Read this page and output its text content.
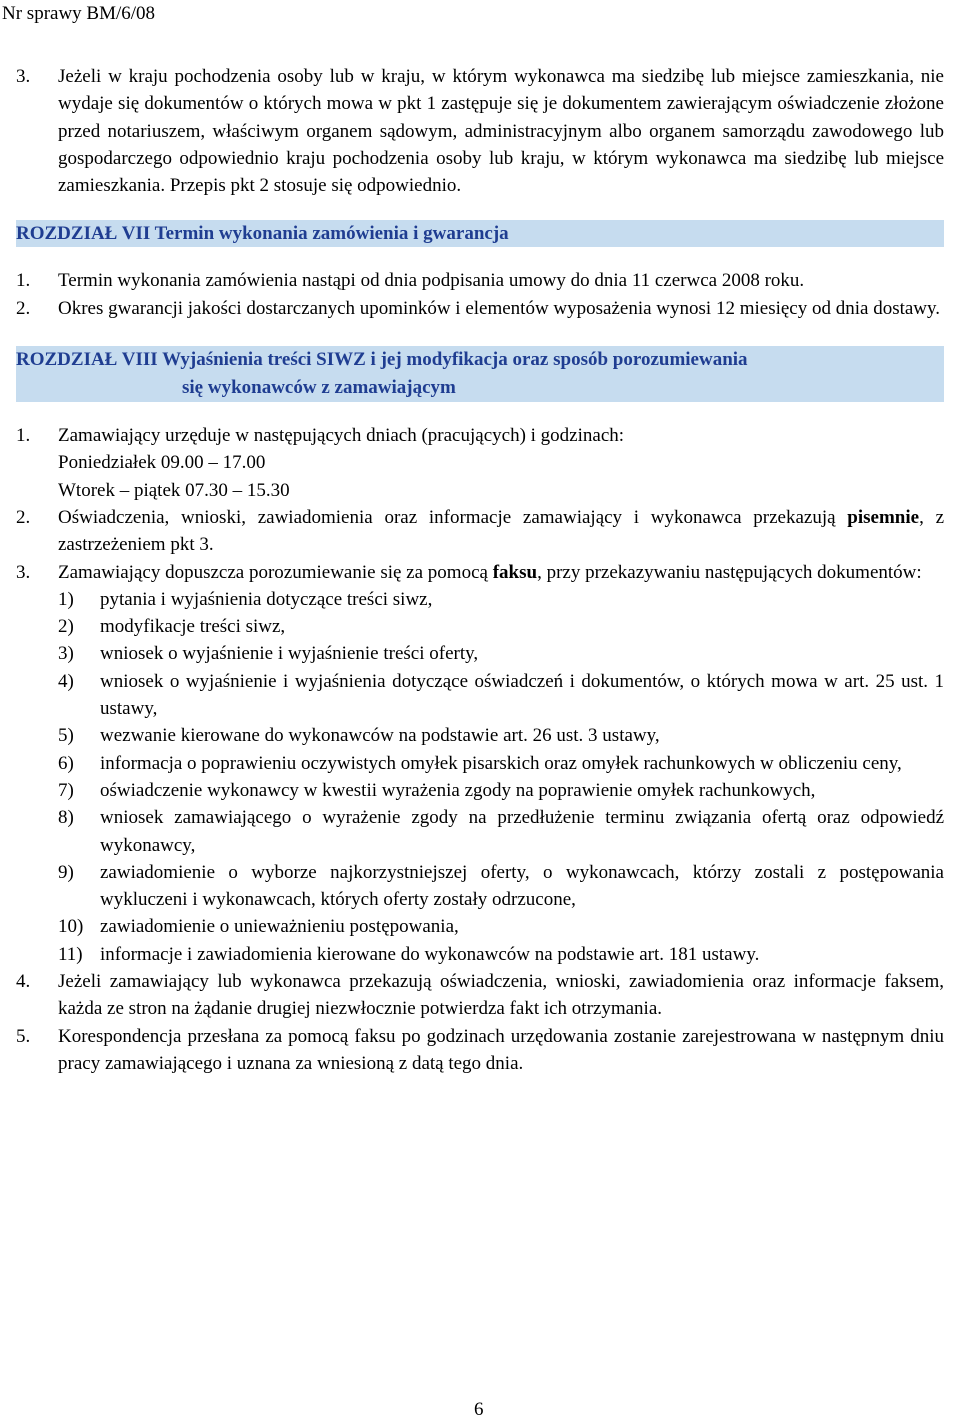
Nr sprawy BM/6/08
3.	Jeżeli w kraju pochodzenia osoby lub w kraju, w którym wykonawca ma siedzibę lub miejsce zamieszkania, nie wydaje się dokumentów o których mowa w pkt 1 zastępuje się je dokumentem zawierającym oświadczenie złożone przed notariuszem, właściwym organem sądowym, administracyjnym albo organem samorządu zawodowego lub gospodarczego odpowiednio kraju pochodzenia osoby lub kraju, w którym wykonawca ma siedzibę lub miejsce zamieszkania. Przepis pkt 2 stosuje się odpowiednio.
ROZDZIAŁ VII Termin wykonania zamówienia i gwarancja
1.	Termin wykonania zamówienia nastąpi od dnia podpisania umowy do dnia 11 czerwca 2008 roku.
2.	Okres gwarancji jakości dostarczanych upominków i elementów wyposażenia wynosi 12 miesięcy od dnia dostawy.
ROZDZIAŁ VIII Wyjaśnienia treści SIWZ i jej modyfikacja oraz sposób porozumiewania
się wykonawców z zamawiającym
1.	Zamawiający urzęduje w następujących dniach (pracujących) i godzinach:
Poniedziałek 09.00 – 17.00
Wtorek – piątek 07.30 – 15.30
2.	Oświadczenia, wnioski, zawiadomienia oraz informacje zamawiający i wykonawca przekazują pisemnie, z zastrzeżeniem pkt 3.
3.	Zamawiający dopuszcza porozumiewanie się za pomocą faksu, przy przekazywaniu następujących dokumentów:
1)	pytania i wyjaśnienia dotyczące treści siwz,
2)	modyfikacje treści siwz,
3)	wniosek o wyjaśnienie i wyjaśnienie treści oferty,
4)	wniosek o wyjaśnienie i wyjaśnienia dotyczące oświadczeń i dokumentów, o których mowa w art. 25 ust. 1 ustawy,
5)	wezwanie kierowane do wykonawców na podstawie art. 26 ust. 3 ustawy,
6)	informacja o poprawieniu oczywistych omyłek pisarskich oraz omyłek rachunkowych w obliczeniu ceny,
7)	oświadczenie wykonawcy w kwestii wyrażenia zgody na poprawienie omyłek rachunkowych,
8)	wniosek zamawiającego o wyrażenie zgody na przedłużenie terminu związania ofertą oraz odpowiedź wykonawcy,
9)	zawiadomienie o wyborze najkorzystniejszej oferty, o wykonawcach, którzy zostali z postępowania wykluczeni i wykonawcach, których oferty zostały odrzucone,
10) zawiadomienie o unieważnieniu postępowania,
11) informacje i zawiadomienia kierowane do wykonawców na podstawie art. 181 ustawy.
4.	Jeżeli zamawiający lub wykonawca przekazują oświadczenia, wnioski, zawiadomienia oraz informacje faksem, każda ze stron na żądanie drugiej niezwłocznie potwierdza fakt ich otrzymania.
5.	Korespondencja przesłana za pomocą faksu po godzinach urzędowania zostanie zarejestrowana w następnym dniu pracy zamawiającego i uznana za wniesioną z datą tego dnia.
6
